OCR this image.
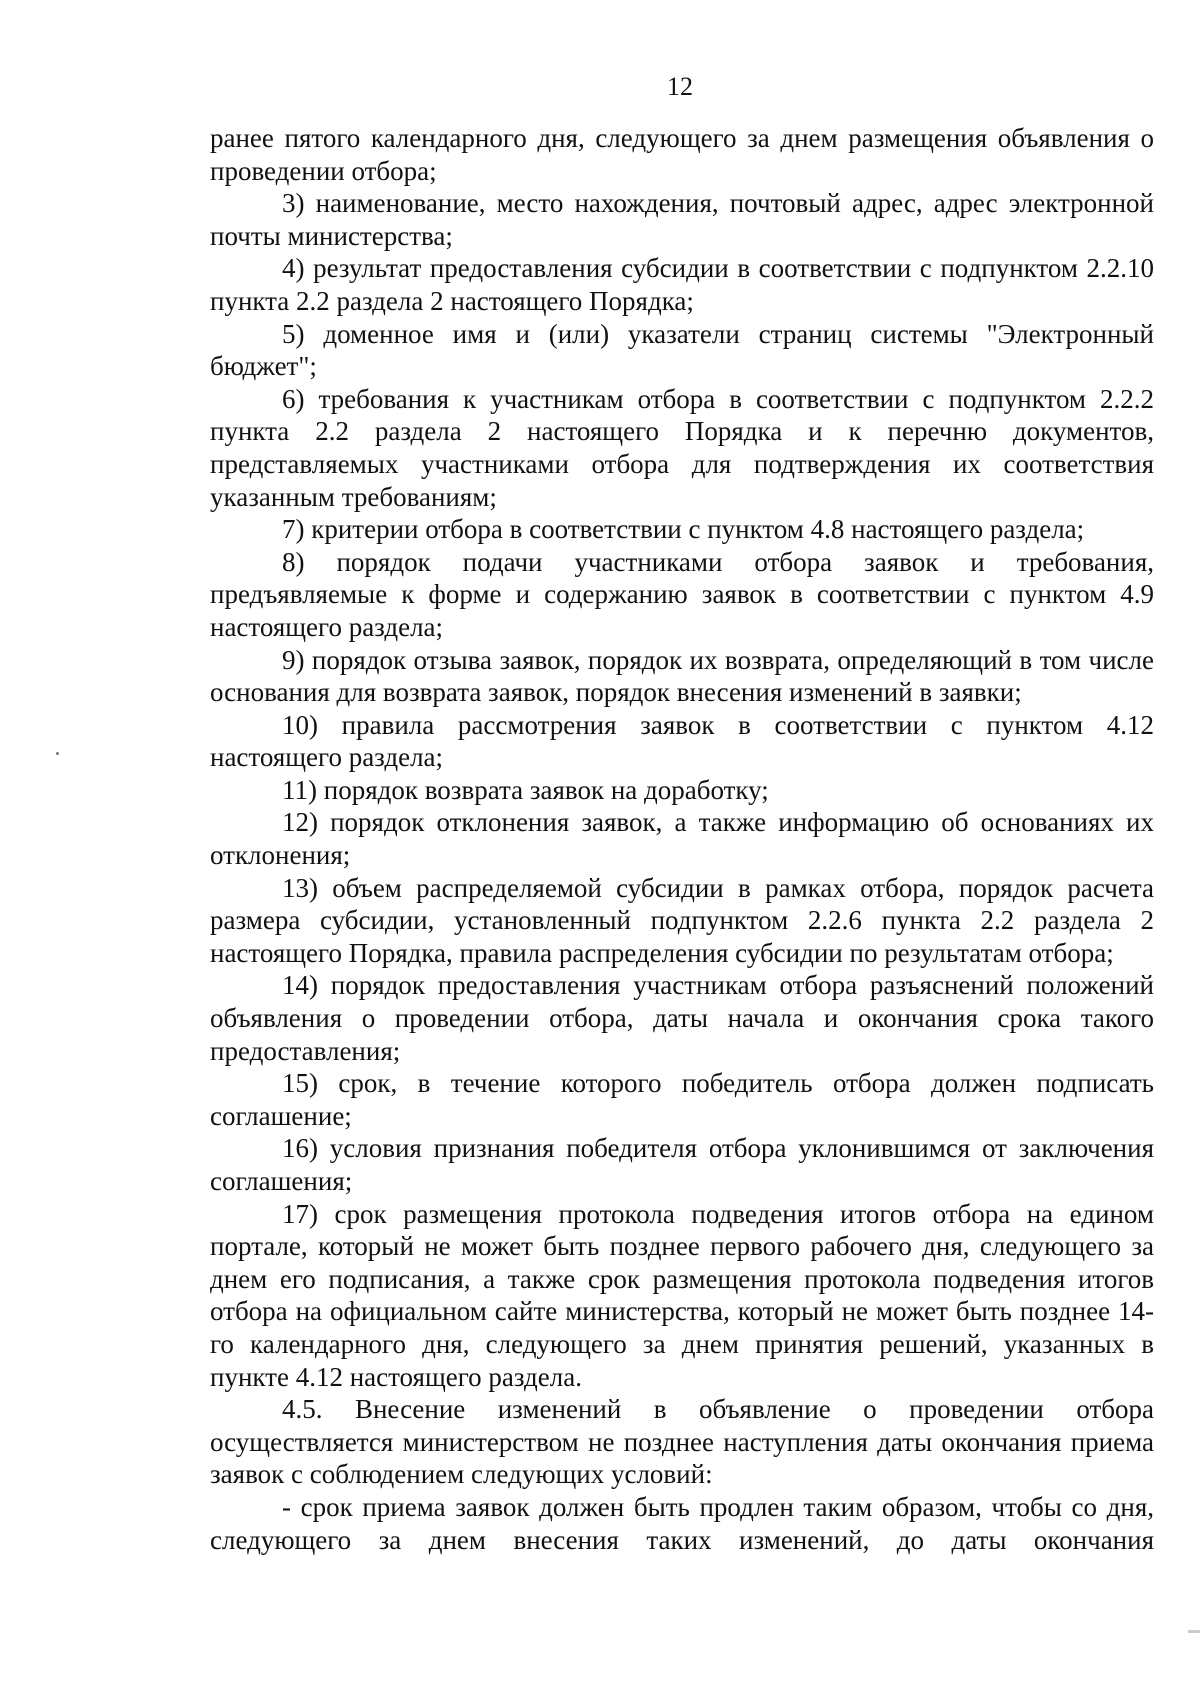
12

ранее пятого календарного дня, следующего за днем размещения объявления о проведении отбора;

3) наименование, место нахождения, почтовый адрес, адрес электронной почты министерства;

4) результат предоставления субсидии в соответствии с подпунктом 2.2.10 пункта 2.2 раздела 2 настоящего Порядка;

5) доменное имя и (или) указатели страниц системы "Электронный бюджет";

6) требования к участникам отбора в соответствии с подпунктом 2.2.2 пункта 2.2 раздела 2 настоящего Порядка и к перечню документов, представляемых участниками отбора для подтверждения их соответствия указанным требованиям;

7) критерии отбора в соответствии с пунктом 4.8 настоящего раздела;

8) порядок подачи участниками отбора заявок и требования, предъявляемые к форме и содержанию заявок в соответствии с пунктом 4.9 настоящего раздела;

9) порядок отзыва заявок, порядок их возврата, определяющий в том числе основания для возврата заявок, порядок внесения изменений в заявки;

10) правила рассмотрения заявок в соответствии с пунктом 4.12 настоящего раздела;

11) порядок возврата заявок на доработку;

12) порядок отклонения заявок, а также информацию об основаниях их отклонения;

13) объем распределяемой субсидии в рамках отбора, порядок расчета размера субсидии, установленный подпунктом 2.2.6 пункта 2.2 раздела 2 настоящего Порядка, правила распределения субсидии по результатам отбора;

14) порядок предоставления участникам отбора разъяснений положений объявления о проведении отбора, даты начала и окончания срока такого предоставления;

15) срок, в течение которого победитель отбора должен подписать соглашение;

16) условия признания победителя отбора уклонившимся от заключения соглашения;

17) срок размещения протокола подведения итогов отбора на едином портале, который не может быть позднее первого рабочего дня, следующего за днем его подписания, а также срок размещения протокола подведения итогов отбора на официальном сайте министерства, который не может быть позднее 14-го календарного дня, следующего за днем принятия решений, указанных в пункте 4.12 настоящего раздела.

4.5. Внесение изменений в объявление о проведении отбора осуществляется министерством не позднее наступления даты окончания приема заявок с соблюдением следующих условий:

- срок приема заявок должен быть продлен таким образом, чтобы со дня, следующего за днем внесения таких изменений, до даты окончания
